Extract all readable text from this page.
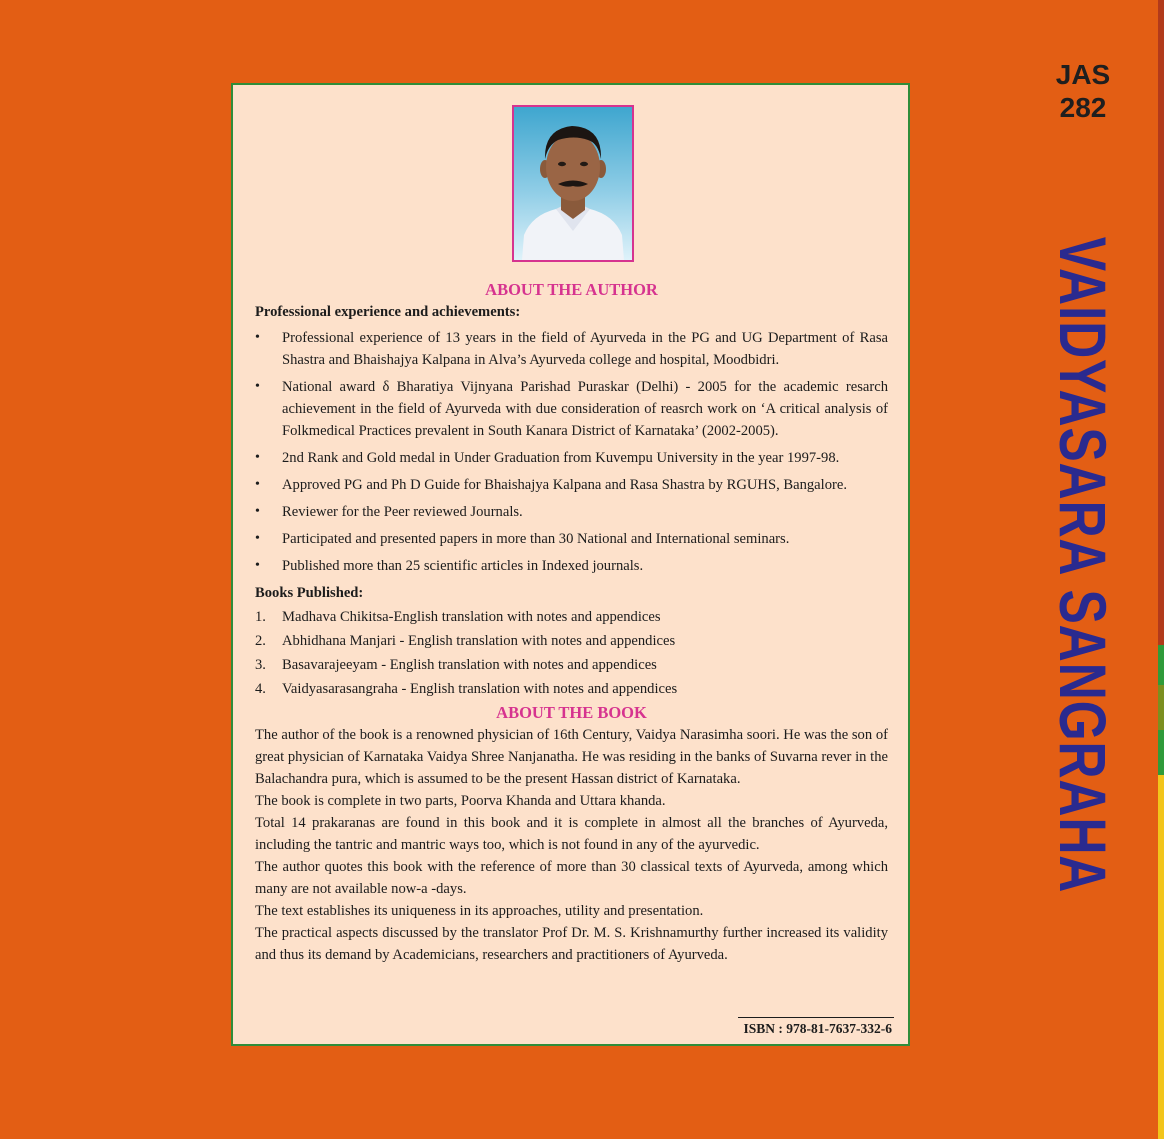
JAS
282
VAIDYASARA SANGRAHA

ABOUT THE AUTHOR

Professional experience and achievements:

• Professional experience of 13 years in the field of Ayurveda in the PG and UG Department of Rasa Shastra and Bhaishajya Kalpana in Alva’s Ayurveda college and hospital, Moodbidri.
• National award δ Bharatiya Vijnyana Parishad Puraskar (Delhi) - 2005 for the academic resarch achievement in the field of Ayurveda with due consideration of reasrch work on ‘A critical analysis of Folkmedical Practices prevalent in South Kanara District of Karnataka’ (2002-2005).
• 2nd Rank and Gold medal in Under Graduation from Kuvempu University in the year 1997-98.
• Approved PG and Ph D Guide for Bhaishajya Kalpana and Rasa Shastra by RGUHS, Bangalore.
• Reviewer for the Peer reviewed Journals.
• Participated and presented papers in more than 30 National and International seminars.
• Published more than 25 scientific articles in Indexed journals.

Books Published:

1.	Madhava Chikitsa-English translation with notes and appendices
2.	Abhidhana Manjari - English translation with notes and appendices
3.	Basavarajeeyam - English translation with notes and appendices
4.	Vaidyasarasangraha - English translation with notes and appendices

ABOUT THE BOOK

The author of the book is a renowned physician of 16th Century, Vaidya Narasimha soori. He was the son of great physician of Karnataka Vaidya Shree Nanjanatha. He was residing in the banks of Suvarna rever in the Balachandra pura, which is assumed to be the present Hassan district of Karnataka.

The book is complete in two parts, Poorva Khanda and Uttara khanda.

Total 14 prakaranas are found in this book and it is complete in almost all the branches of Ayurveda, including the tantric and mantric ways too, which is not found in any of the ayurvedic.

The author quotes this book with the reference of more than 30 classical texts of Ayurveda, among which many are not available now-a -days.

The text establishes its uniqueness in its approaches, utility and presentation.

The practical aspects discussed by the translator Prof Dr. M. S. Krishnamurthy further increased its validity and thus its demand by Academicians, researchers and practitioners of Ayurveda.

ISBN : 978-81-7637-332-6
